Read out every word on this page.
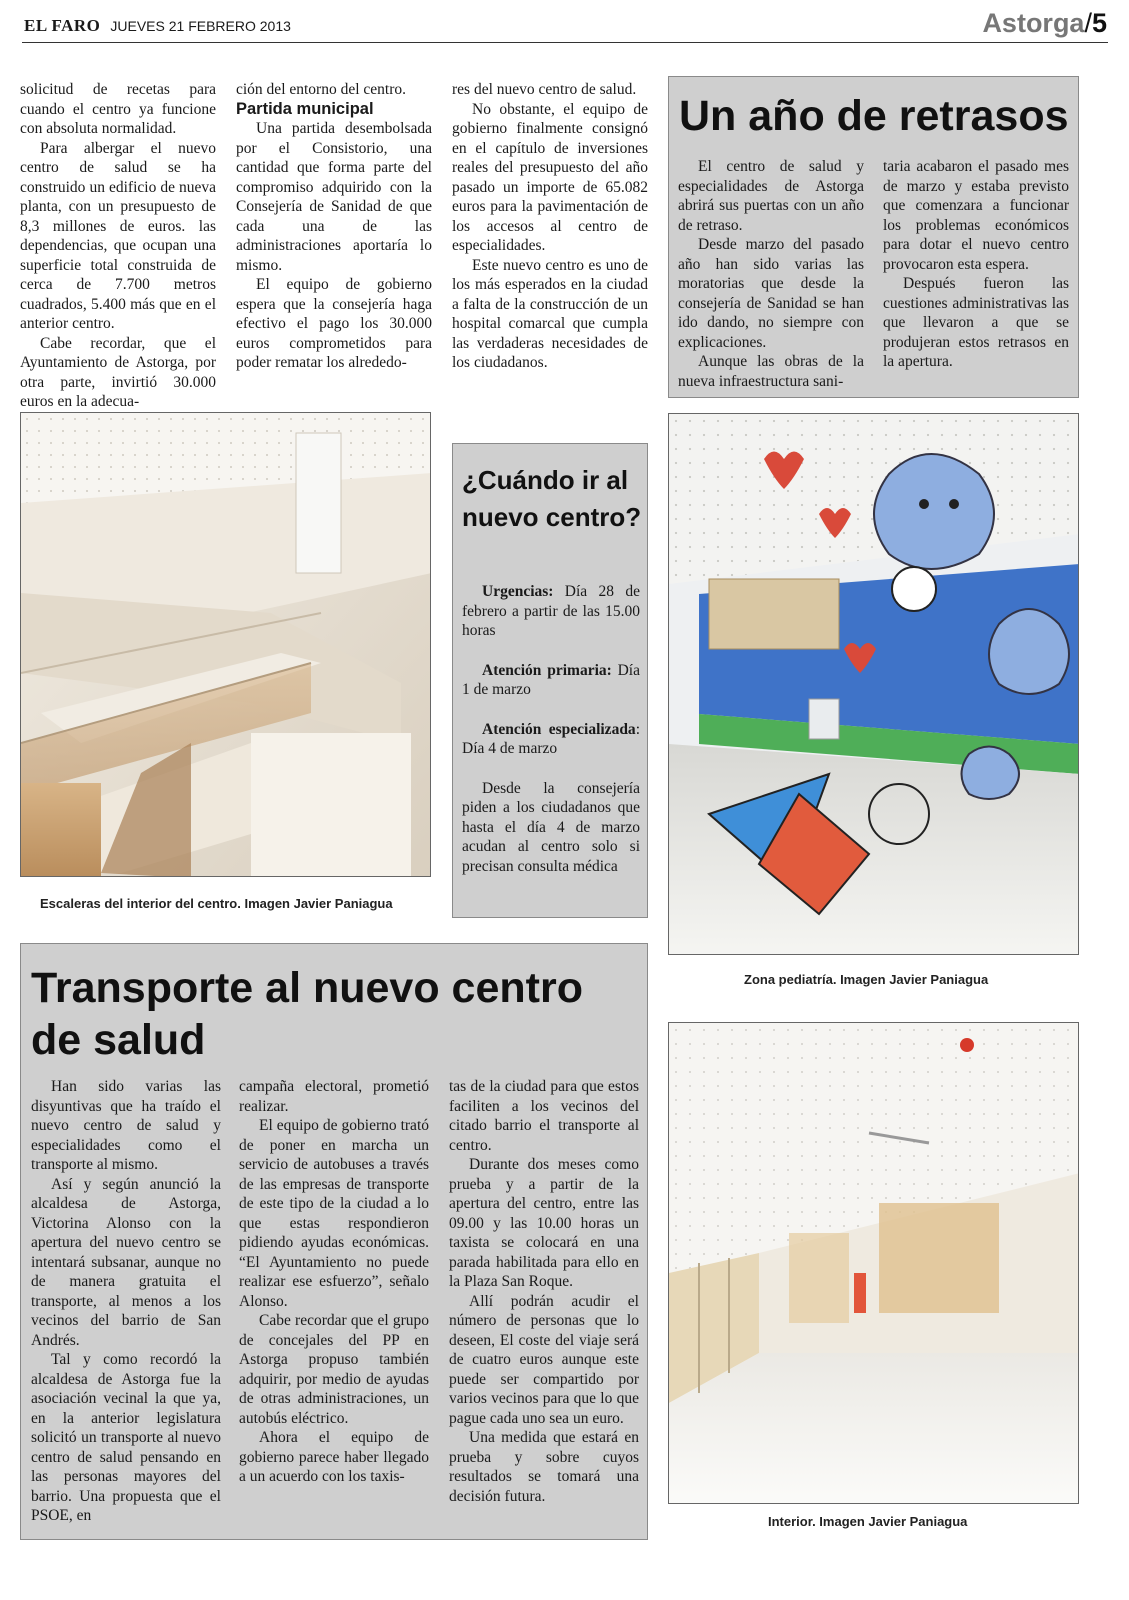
EL FARO JUEVES 21 FEBRERO 2013	Astorga/5

solicitud de recetas para cuando el centro ya funcione con absoluta normalidad.

Para albergar el nuevo centro de salud se ha construido un edificio de nueva planta, con un presupuesto de 8,3 millones de euros. las dependencias, que ocupan una superficie total construida de cerca de 7.700 metros cuadrados, 5.400 más que en el anterior centro.

Cabe recordar, que el Ayuntamiento de Astorga, por otra parte, invirtió 30.000 euros en la adecua-

ción del entorno del centro.

Partida municipal

Una partida desembolsada por el Consistorio, una cantidad que forma parte del compromiso adquirido con la Consejería de Sanidad de que cada una de las administraciones aportaría lo mismo.

El equipo de gobierno espera que la consejería haga efectivo el pago los 30.000 euros comprometidos para poder rematar los alrededo-

res del nuevo centro de salud.

No obstante, el equipo de gobierno finalmente consignó en el capítulo de inversiones reales del presupuesto del año pasado un importe de 65.082 euros para la pavimentación de los accesos al centro de especialidades.

Este nuevo centro es uno de los más esperados en la ciudad a falta de la construcción de un hospital comarcal que cumpla las verdaderas necesidades de los ciudadanos.

Un año de retrasos

El centro de salud y especialidades de Astorga abrirá sus puertas con un año de retraso.

Desde marzo del pasado año han sido varias las moratorias que desde la consejería de Sanidad se han ido dando, no siempre con explicaciones.

Aunque las obras de la nueva infraestructura sani-

taria acabaron el pasado mes de marzo y estaba previsto que comenzara a funcionar los problemas económicos para dotar el nuevo centro provocaron esta espera.

Después fueron las cuestiones administrativas las que llevaron a que se produjeran estos retrasos en la apertura.

Escaleras del interior del centro. Imagen Javier Paniagua
¿Cuándo ir al nuevo centro?

Urgencias: Día 28 de febrero a partir de las 15.00 horas

Atención primaria: Día 1 de marzo

Atención especializada: Día 4 de marzo

Desde la consejería piden a los ciudadanos que hasta el día 4 de marzo acudan al centro solo si precisan consulta médica

Zona pediatría. Imagen Javier Paniagua
Transporte al nuevo centro de salud

Han sido varias las disyuntivas que ha traído el nuevo centro de salud y especialidades como el transporte al mismo.

Así y según anunció la alcaldesa de Astorga, Victorina Alonso con la apertura del nuevo centro se intentará subsanar, aunque no de manera gratuita el transporte, al menos a los vecinos del barrio de San Andrés.

Tal y como recordó la alcaldesa de Astorga fue la asociación vecinal la que ya, en la anterior legislatura solicitó un transporte al nuevo centro de salud pensando en las personas mayores del barrio. Una propuesta que el PSOE, en

campaña electoral, prometió realizar.

El equipo de gobierno trató de poner en marcha un servicio de autobuses a través de las empresas de transporte de este tipo de la ciudad a lo que estas respondieron pidiendo ayudas económicas. “El Ayuntamiento no puede realizar ese esfuerzo”, señalo Alonso.

Cabe recordar que el grupo de concejales del PP en Astorga propuso también adquirir, por medio de ayudas de otras administraciones, un autobús eléctrico.

Ahora el equipo de gobierno parece haber llegado a un acuerdo con los taxis-

tas de la ciudad para que estos faciliten a los vecinos del citado barrio el transporte al centro.

Durante dos meses como prueba y a partir de la apertura del centro, entre las 09.00 y las 10.00 horas un taxista se colocará en una parada habilitada para ello en la Plaza San Roque.

Allí podrán acudir el número de personas que lo deseen, El coste del viaje será de cuatro euros aunque este puede ser compartido por varios vecinos para que lo que pague cada uno sea un euro.

Una medida que estará en prueba y sobre cuyos resultados se tomará una decisión futura.

Interior. Imagen Javier Paniagua
